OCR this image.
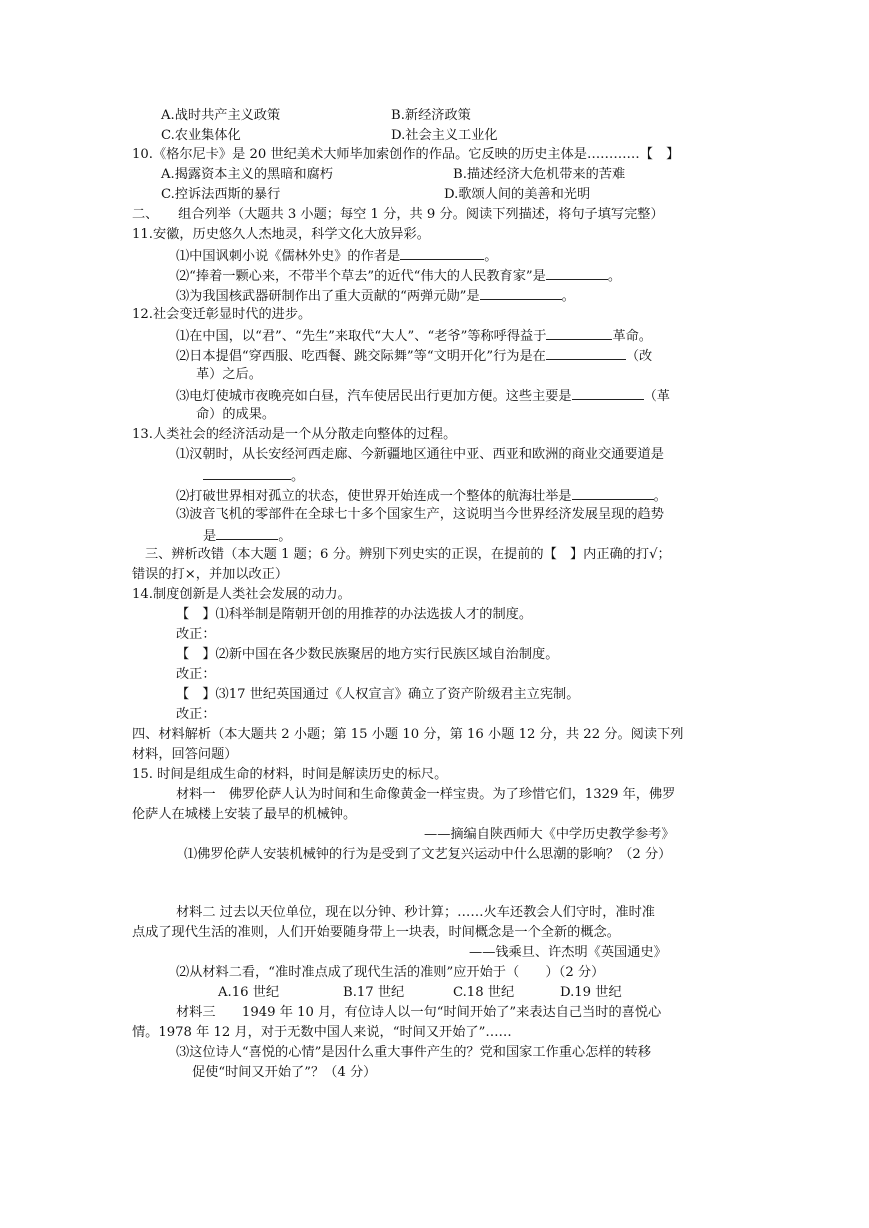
A.战时共产主义政策	B.新经济政策
C.农业集体化	D.社会主义工业化
10.《格尔尼卡》是 20 世纪美术大师毕加索创作的作品。它反映的历史主体是…………【　】
A.揭露资本主义的黑暗和腐朽	B.描述经济大危机带来的苦难
C.控诉法西斯的暴行	D.歌颂人间的美善和光明
二、　　组合列举（大题共 3 小题；每空 1 分，共 9 分。阅读下列描述，将句子填写完整）
11.安徽，历史悠久人杰地灵，科学文化大放异彩。
⑴中国讽刺小说《儒林外史》的作者是	。
⑵“捧着一颗心来，不带半个草去”的近代“伟大的人民教育家”是	。
⑶为我国核武器研制作出了重大贡献的“两弹元勋”是	。
12.社会变迁彰显时代的进步。
⑴在中国，以“君”、“先生”来取代“大人”、“老爷”等称呼得益于	革命。
⑵日本提倡“穿西服、吃西餐、跳交际舞”等“文明开化”行为是在	（改
革）之后。
⑶电灯使城市夜晚亮如白昼，汽车使居民出行更加方便。这些主要是	（革
命）的成果。
13.人类社会的经济活动是一个从分散走向整体的过程。
⑴汉朝时，从长安经河西走廊、今新疆地区通往中亚、西亚和欧洲的商业交通要道是
。
⑵打破世界相对孤立的状态，使世界开始连成一个整体的航海壮举是	。
⑶波音飞机的零部件在全球七十多个国家生产，这说明当今世界经济发展呈现的趋势
是	。
三、辨析改错（本大题 1 题；6 分。辨别下列史实的正误，在提前的【　】内正确的打√；
错误的打×，并加以改正）
14.制度创新是人类社会发展的动力。
【　】⑴科举制是隋朝开创的用推荐的办法选拔人才的制度。
改正：
【　】⑵新中国在各少数民族聚居的地方实行民族区域自治制度。
改正：
【　】⑶17 世纪英国通过《人权宣言》确立了资产阶级君主立宪制。
改正：
四、材料解析（本大题共 2 小题；第 15 小题 10 分，第 16 小题 12 分，共 22 分。阅读下列
材料，回答问题）
15. 时间是组成生命的材料，时间是解读历史的标尺。
材料一　佛罗伦萨人认为时间和生命像黄金一样宝贵。为了珍惜它们，1329 年，佛罗
伦萨人在城楼上安装了最早的机械钟。
——摘编自陕西师大《中学历史教学参考》
⑴佛罗伦萨人安装机械钟的行为是受到了文艺复兴运动中什么思潮的影响？（2 分）
材料二 过去以天位单位，现在以分钟、秒计算；……火车还教会人们守时，准时准
点成了现代生活的准则，人们开始要随身带上一块表，时间概念是一个全新的概念。
——钱乘旦、许杰明《英国通史》
⑵从材料二看，“准时准点成了现代生活的准则”应开始于（　　）（2 分）
A.16 世纪	B.17 世纪	C.18 世纪	D.19 世纪
材料三　　1949 年 10 月，有位诗人以一句“时间开始了”来表达自己当时的喜悦心
情。1978 年 12 月，对于无数中国人来说，“时间又开始了”……
⑶这位诗人“喜悦的心情”是因什么重大事件产生的？党和国家工作重心怎样的转移
促使“时间又开始了”？（4 分）
